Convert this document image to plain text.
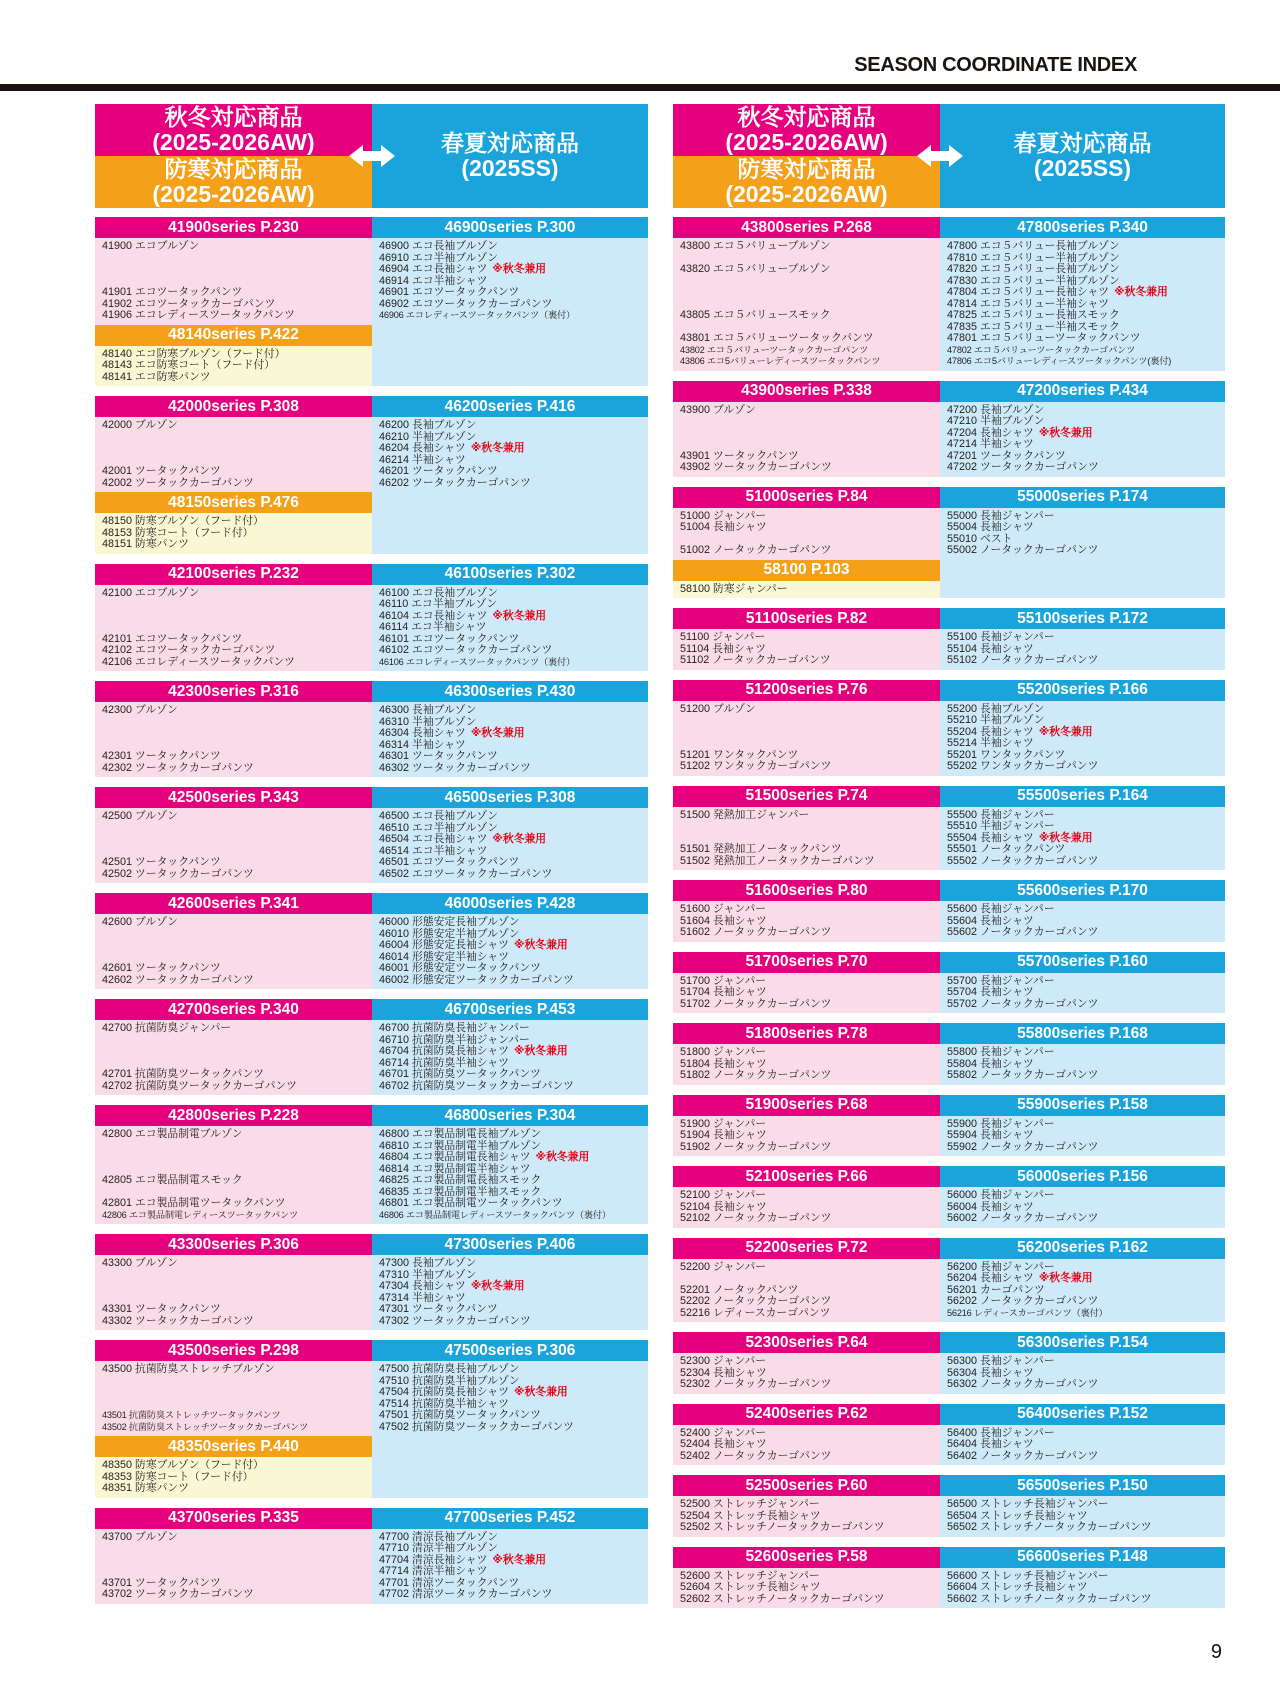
SEASON COORDINATE INDEX
秋冬対応商品
(2025-2026AW)
防寒対応商品
(2025-2026AW)
春夏対応商品
(2025SS)
41900series P.230
41900 エコブルゾン

41901 エコツータックパンツ
41902 エコツータックカーゴパンツ
41906 エコレディースツータックパンツ
48140series P.422
48140 エコ防寒ブルゾン（フード付）
48143 エコ防寒コート（フード付）
48141 エコ防寒パンツ
46900series P.300
46900 エコ長袖ブルゾン
46910 エコ半袖ブルゾン
46904 エコ長袖シャツ ※秋冬兼用
46914 エコ半袖シャツ
46901 エコツータックパンツ
46902 エコツータックカーゴパンツ
46906 エコレディースツータックパンツ（裏付）
42000series P.308
42000 ブルゾン

42001 ツータックパンツ
42002 ツータックカーゴパンツ
48150series P.476
48150 防寒ブルゾン（フード付）
48153 防寒コート（フード付）
48151 防寒パンツ
46200series P.416
46200 長袖ブルゾン
46210 半袖ブルゾン
46204 長袖シャツ ※秋冬兼用
46214 半袖シャツ
46201 ツータックパンツ
46202 ツータックカーゴパンツ
42100series P.232
42100 エコブルゾン

42101 エコツータックパンツ
42102 エコツータックカーゴパンツ
42106 エコレディースツータックパンツ
46100series P.302
46100 エコ長袖ブルゾン
46110 エコ半袖ブルゾン
46104 エコ長袖シャツ ※秋冬兼用
46114 エコ半袖シャツ
46101 エコツータックパンツ
46102 エコツータックカーゴパンツ
46106 エコレディースツータックパンツ（裏付）
42300series P.316
42300 ブルゾン

42301 ツータックパンツ
42302 ツータックカーゴパンツ
46300series P.430
46300 長袖ブルゾン
46310 半袖ブルゾン
46304 長袖シャツ ※秋冬兼用
46314 半袖シャツ
46301 ツータックパンツ
46302 ツータックカーゴパンツ
42500series P.343
42500 ブルゾン

42501 ツータックパンツ
42502 ツータックカーゴパンツ
46500series P.308
46500 エコ長袖ブルゾン
46510 エコ半袖ブルゾン
46504 エコ長袖シャツ ※秋冬兼用
46514 エコ半袖シャツ
46501 エコツータックパンツ
46502 エコツータックカーゴパンツ
42600series P.341
42600 ブルゾン

42601 ツータックパンツ
42602 ツータックカーゴパンツ
46000series P.428
46000 形態安定長袖ブルゾン
46010 形態安定半袖ブルゾン
46004 形態安定長袖シャツ ※秋冬兼用
46014 形態安定半袖シャツ
46001 形態安定ツータックパンツ
46002 形態安定ツータックカーゴパンツ
42700series P.340
42700 抗菌防臭ジャンパー

42701 抗菌防臭ツータックパンツ
42702 抗菌防臭ツータックカーゴパンツ
46700series P.453
46700 抗菌防臭長袖ジャンパー
46710 抗菌防臭半袖ジャンパー
46704 抗菌防臭長袖シャツ ※秋冬兼用
46714 抗菌防臭半袖シャツ
46701 抗菌防臭ツータックパンツ
46702 抗菌防臭ツータックカーゴパンツ
42800series P.228
42800 エコ製品制電ブルゾン

42805 エコ製品制電スモック

42801 エコ製品制電ツータックパンツ
42806 エコ製品制電レディースツータックパンツ
46800series P.304
46800 エコ製品制電長袖ブルゾン
46810 エコ製品制電半袖ブルゾン
46804 エコ製品制電長袖シャツ ※秋冬兼用
46814 エコ製品制電半袖シャツ
46825 エコ製品制電長袖スモック
46835 エコ製品制電半袖スモック
46801 エコ製品制電ツータックパンツ
46806 エコ製品制電レディースツータックパンツ（裏付）
43300series P.306
43300 ブルゾン

43301 ツータックパンツ
43302 ツータックカーゴパンツ
47300series P.406
47300 長袖ブルゾン
47310 半袖ブルゾン
47304 長袖シャツ ※秋冬兼用
47314 半袖シャツ
47301 ツータックパンツ
47302 ツータックカーゴパンツ
43500series P.298
43500 抗菌防臭ストレッチブルゾン

43501 抗菌防臭ストレッチツータックパンツ
43502 抗菌防臭ストレッチツータックカーゴパンツ
48350series P.440
48350 防寒ブルゾン（フード付）
48353 防寒コート（フード付）
48351 防寒パンツ
47500series P.306
47500 抗菌防臭長袖ブルゾン
47510 抗菌防臭半袖ブルゾン
47504 抗菌防臭長袖シャツ ※秋冬兼用
47514 抗菌防臭半袖シャツ
47501 抗菌防臭ツータックパンツ
47502 抗菌防臭ツータックカーゴパンツ
43700series P.335
43700 ブルゾン

43701 ツータックパンツ
43702 ツータックカーゴパンツ
47700series P.452
47700 清涼長袖ブルゾン
47710 清涼半袖ブルゾン
47704 清涼長袖シャツ ※秋冬兼用
47714 清涼半袖シャツ
47701 清涼ツータックパンツ
47702 清涼ツータックカーゴパンツ
秋冬対応商品
(2025-2026AW)
防寒対応商品
(2025-2026AW)
春夏対応商品
(2025SS)
43800series P.268
43800 エコ５バリューブルゾン

43820 エコ５バリューブルゾン

43805 エコ５バリュースモック

43801 エコ５バリューツータックパンツ
43802 エコ５バリューツータックカーゴパンツ
43806 エコ5バリューレディースツータックパンツ
47800series P.340
47800 エコ５バリュー長袖ブルゾン
47810 エコ５バリュー半袖ブルゾン
47820 エコ５バリュー長袖ブルゾン
47830 エコ５バリュー半袖ブルゾン
47804 エコ５バリュー長袖シャツ ※秋冬兼用
47814 エコ５バリュー半袖シャツ
47825 エコ５バリュー長袖スモック
47835 エコ５バリュー半袖スモック
47801 エコ５バリューツータックパンツ
47802 エコ５バリューツータックカーゴパンツ
47806 エコ5バリューレディースツータックパンツ(裏付)
43900series P.338
43900 ブルゾン

43901 ツータックパンツ
43902 ツータックカーゴパンツ
47200series P.434
47200 長袖ブルゾン
47210 半袖ブルゾン
47204 長袖シャツ ※秋冬兼用
47214 半袖シャツ
47201 ツータックパンツ
47202 ツータックカーゴパンツ
51000series P.84
51000 ジャンパー
51004 長袖シャツ

51002 ノータックカーゴパンツ
58100 P.103
58100 防寒ジャンパー
55000series P.174
55000 長袖ジャンパー
55004 長袖シャツ
55010 ベスト
55002 ノータックカーゴパンツ
51100series P.82
51100 ジャンパー
51104 長袖シャツ
51102 ノータックカーゴパンツ
55100series P.172
55100 長袖ジャンパー
55104 長袖シャツ
55102 ノータックカーゴパンツ
51200series P.76
51200 ブルゾン

51201 ワンタックパンツ
51202 ワンタックカーゴパンツ
55200series P.166
55200 長袖ブルゾン
55210 半袖ブルゾン
55204 長袖シャツ ※秋冬兼用
55214 半袖シャツ
55201 ワンタックパンツ
55202 ワンタックカーゴパンツ
51500series P.74
51500 発熱加工ジャンパー

51501 発熱加工ノータックパンツ
51502 発熱加工ノータックカーゴパンツ
55500series P.164
55500 長袖ジャンパー
55510 半袖ジャンパー
55504 長袖シャツ ※秋冬兼用
55501 ノータックパンツ
55502 ノータックカーゴパンツ
51600series P.80
51600 ジャンパー
51604 長袖シャツ
51602 ノータックカーゴパンツ
55600series P.170
55600 長袖ジャンパー
55604 長袖シャツ
55602 ノータックカーゴパンツ
51700series P.70
51700 ジャンパー
51704 長袖シャツ
51702 ノータックカーゴパンツ
55700series P.160
55700 長袖ジャンパー
55704 長袖シャツ
55702 ノータックカーゴパンツ
51800series P.78
51800 ジャンパー
51804 長袖シャツ
51802 ノータックカーゴパンツ
55800series P.168
55800 長袖ジャンパー
55804 長袖シャツ
55802 ノータックカーゴパンツ
51900series P.68
51900 ジャンパー
51904 長袖シャツ
51902 ノータックカーゴパンツ
55900series P.158
55900 長袖ジャンパー
55904 長袖シャツ
55902 ノータックカーゴパンツ
52100series P.66
52100 ジャンパー
52104 長袖シャツ
52102 ノータックカーゴパンツ
56000series P.156
56000 長袖ジャンパー
56004 長袖シャツ
56002 ノータックカーゴパンツ
52200series P.72
52200 ジャンパー

52201 ノータックパンツ
52202 ノータックカーゴパンツ
52216 レディースカーゴパンツ
56200series P.162
56200 長袖ジャンパー
56204 長袖シャツ ※秋冬兼用
56201 カーゴパンツ
56202 ノータックカーゴパンツ
56216 レディースカーゴパンツ（裏付）
52300series P.64
52300 ジャンパー
52304 長袖シャツ
52302 ノータックカーゴパンツ
56300series P.154
56300 長袖ジャンパー
56304 長袖シャツ
56302 ノータックカーゴパンツ
52400series P.62
52400 ジャンパー
52404 長袖シャツ
52402 ノータックカーゴパンツ
56400series P.152
56400 長袖ジャンパー
56404 長袖シャツ
56402 ノータックカーゴパンツ
52500series P.60
52500 ストレッチジャンパー
52504 ストレッチ長袖シャツ
52502 ストレッチノータックカーゴパンツ
56500series P.150
56500 ストレッチ長袖ジャンパー
56504 ストレッチ長袖シャツ
56502 ストレッチノータックカーゴパンツ
52600series P.58
52600 ストレッチジャンパー
52604 ストレッチ長袖シャツ
52602 ストレッチノータックカーゴパンツ
56600series P.148
56600 ストレッチ長袖ジャンパー
56604 ストレッチ長袖シャツ
56602 ストレッチノータックカーゴパンツ
9
